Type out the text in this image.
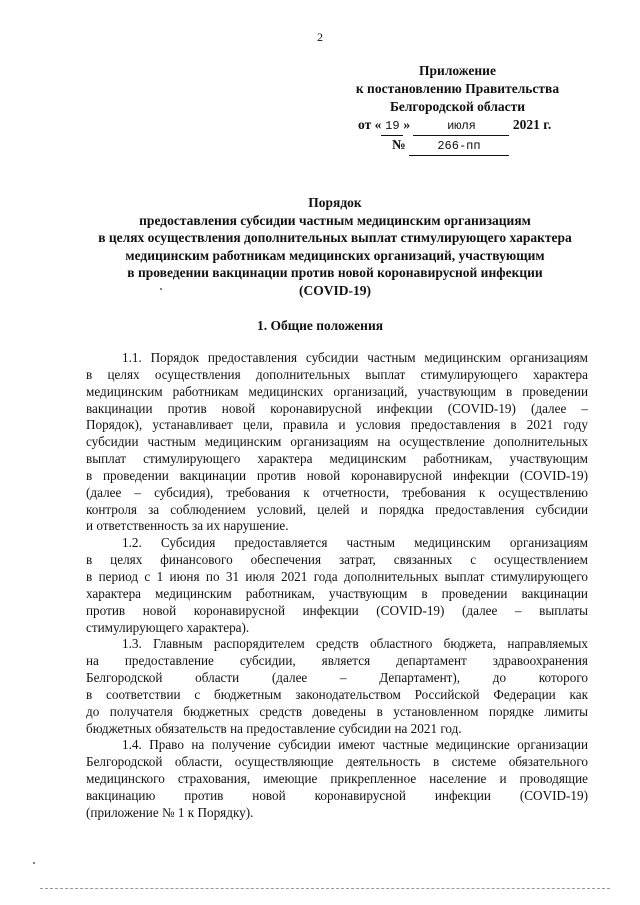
2
Приложение
к постановлению Правительства
Белгородской области
от « 19 »	июля	2021 г.
№	266-пп
Порядок
предоставления субсидии частным медицинским организациям
в целях осуществления дополнительных выплат стимулирующего характера
медицинским работникам медицинских организаций, участвующим
в проведении вакцинации против новой коронавирусной инфекции
(COVID-19)
1. Общие положения
1.1. Порядок предоставления субсидии частным медицинским организациям
в целях осуществления дополнительных выплат стимулирующего характера
медицинским работникам медицинских организаций, участвующим в проведении
вакцинации против новой коронавирусной инфекции (COVID-19) (далее –
Порядок), устанавливает цели, правила и условия предоставления в 2021 году
субсидии частным медицинским организациям на осуществление дополнительных
выплат стимулирующего характера медицинским работникам, участвующим
в проведении вакцинации против новой коронавирусной инфекции (COVID-19)
(далее – субсидия), требования к отчетности, требования к осуществлению
контроля за соблюдением условий, целей и порядка предоставления субсидии
и ответственность за их нарушение.
1.2. Субсидия предоставляется частным медицинским организациям
в целях финансового обеспечения затрат, связанных с осуществлением
в период с 1 июня по 31 июля 2021 года дополнительных выплат стимулирующего
характера медицинским работникам, участвующим в проведении вакцинации
против новой коронавирусной инфекции (COVID-19) (далее – выплаты
стимулирующего характера).
1.3. Главным распорядителем средств областного бюджета, направляемых
на предоставление субсидии, является департамент здравоохранения
Белгородской области (далее – Департамент), до которого
в соответствии с бюджетным законодательством Российской Федерации как
до получателя бюджетных средств доведены в установленном порядке лимиты
бюджетных обязательств на предоставление субсидии на 2021 год.
1.4. Право на получение субсидии имеют частные медицинские организации
Белгородской области, осуществляющие деятельность в системе обязательного
медицинского страхования, имеющие прикрепленное население и проводящие
вакцинацию против новой коронавирусной инфекции (COVID-19)
(приложение № 1 к Порядку).
